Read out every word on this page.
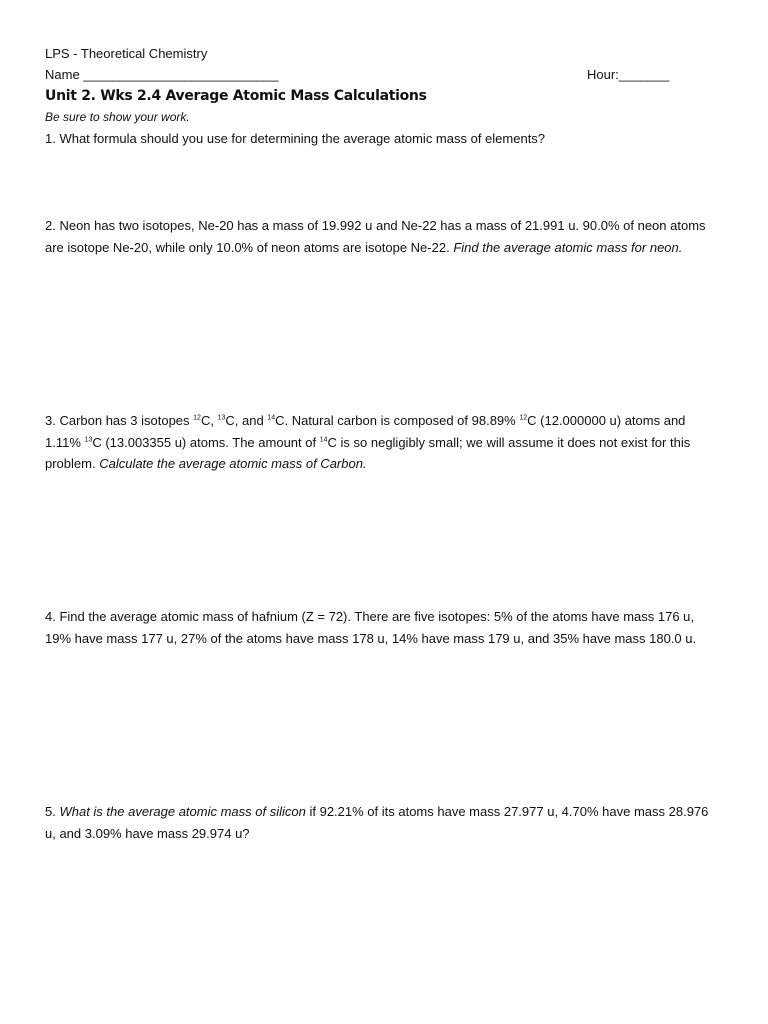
LPS - Theoretical Chemistry
Name ___________________________	Hour:_______
Unit 2. Wks 2.4 Average Atomic Mass Calculations
Be sure to show your work.
1. What formula should you use for determining the average atomic mass of elements?
2. Neon has two isotopes, Ne-20 has a mass of 19.992 u and Ne-22 has a mass of 21.991 u. 90.0% of neon atoms are isotope Ne-20, while only 10.0% of neon atoms are isotope Ne-22. Find the average atomic mass for neon.
3. Carbon has 3 isotopes $^{12}$C, $^{13}$C, and $^{14}$C. Natural carbon is composed of 98.89% $^{12}$C (12.000000 u) atoms and 1.11% $^{13}$C (13.003355 u) atoms. The amount of $^{14}$C is so negligibly small; we will assume it does not exist for this problem. Calculate the average atomic mass of Carbon.
4. Find the average atomic mass of hafnium (Z = 72). There are five isotopes: 5% of the atoms have mass 176 u, 19% have mass 177 u, 27% of the atoms have mass 178 u, 14% have mass 179 u, and 35% have mass 180.0 u.
5. What is the average atomic mass of silicon if 92.21% of its atoms have mass 27.977 u, 4.70% have mass 28.976 u, and 3.09% have mass 29.974 u?
